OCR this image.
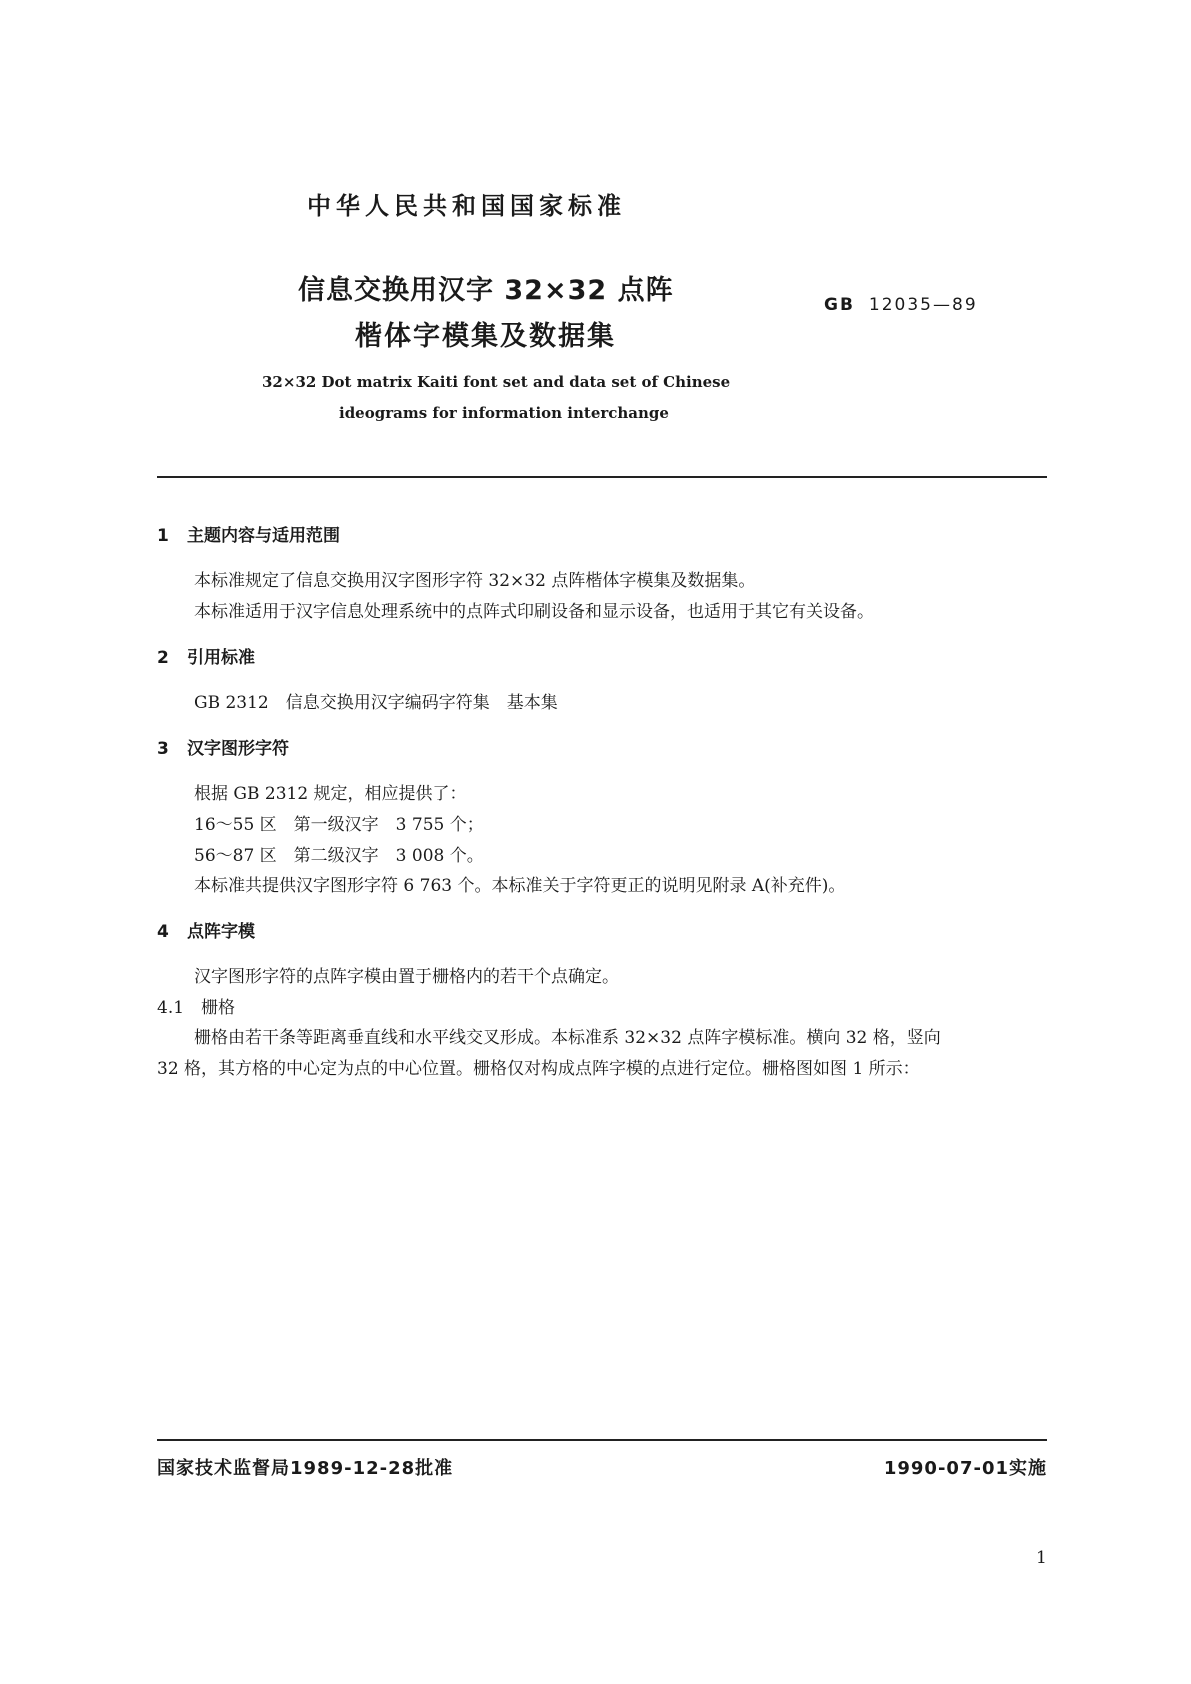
中华人民共和国国家标准
信息交换用汉字 32×32 点阵
楷体字模集及数据集
GB 12035—89
32×32 Dot matrix Kaiti font set and data set of Chinese
ideograms for information interchange
1 主题内容与适用范围
本标准规定了信息交换用汉字图形字符 32×32 点阵楷体字模集及数据集。
本标准适用于汉字信息处理系统中的点阵式印刷设备和显示设备，也适用于其它有关设备。
2 引用标准
GB 2312　信息交换用汉字编码字符集　基本集
3 汉字图形字符
根据 GB 2312 规定，相应提供了：
16～55 区　第一级汉字　3 755 个；
56～87 区　第二级汉字　3 008 个。
本标准共提供汉字图形字符 6 763 个。本标准关于字符更正的说明见附录 A(补充件)。
4 点阵字模
汉字图形字符的点阵字模由置于栅格内的若干个点确定。
4.1 栅格
栅格由若干条等距离垂直线和水平线交叉形成。本标准系 32×32 点阵字模标准。横向 32 格，竖向
32 格，其方格的中心定为点的中心位置。栅格仅对构成点阵字模的点进行定位。栅格图如图 1 所示：
国家技术监督局1989-12-28批准	1990-07-01实施
1
